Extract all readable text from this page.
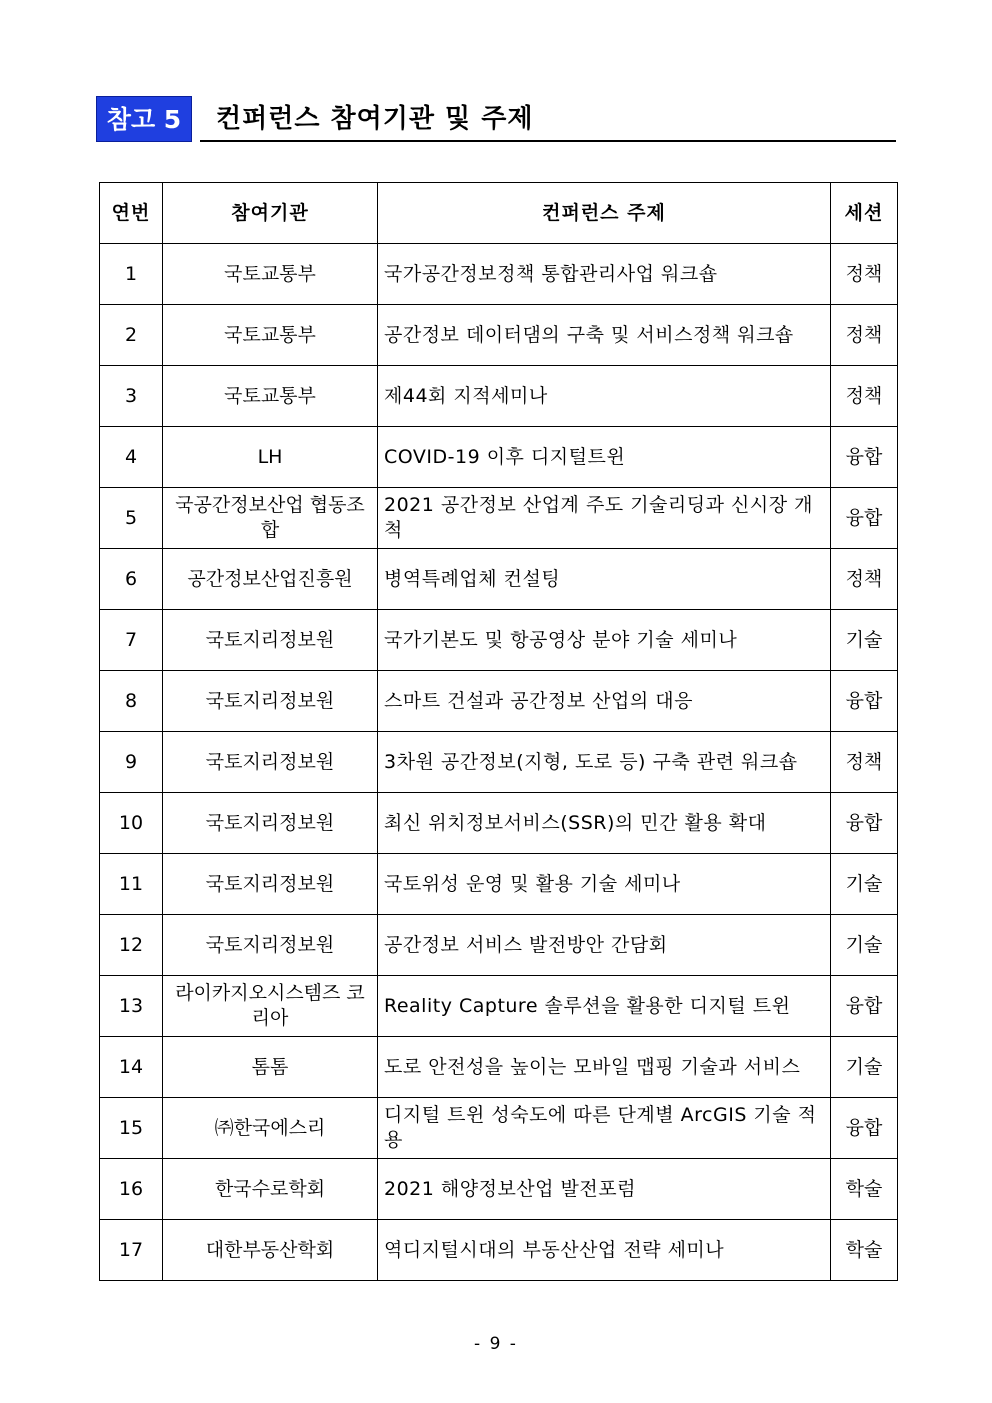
참고 5	컨퍼런스 참여기관 및 주제
연번	참여기관	컨퍼런스 주제	세션
1	국토교통부	국가공간정보정책 통합관리사업 워크숍	정책
2	국토교통부	공간정보 데이터댐의 구축 및 서비스정책 워크숍	정책
3	국토교통부	제44회 지적세미나	정책
4	LH	COVID-19 이후 디지털트윈	융합
5	국공간정보산업 협동조합	2021 공간정보 산업계 주도 기술리딩과 신시장 개척	융합
6	공간정보산업진흥원	병역특례업체 컨설팅	정책
7	국토지리정보원	국가기본도 및 항공영상 분야 기술 세미나	기술
8	국토지리정보원	스마트 건설과 공간정보 산업의 대응	융합
9	국토지리정보원	3차원 공간정보(지형, 도로 등) 구축 관련 워크숍	정책
10	국토지리정보원	최신 위치정보서비스(SSR)의 민간 활용 확대	융합
11	국토지리정보원	국토위성 운영 및 활용 기술 세미나	기술
12	국토지리정보원	공간정보 서비스 발전방안 간담회	기술
13	라이카지오시스템즈 코리아	Reality Capture 솔루션을 활용한 디지털 트윈	융합
14	톰톰	도로 안전성을 높이는 모바일 맵핑 기술과 서비스	기술
15	㈜한국에스리	디지털 트윈 성숙도에 따른 단계별 ArcGIS 기술 적용	융합
16	한국수로학회	2021 해양정보산업 발전포럼	학술
17	대한부동산학회	역디지털시대의 부동산산업 전략 세미나	학술
- 9 -
